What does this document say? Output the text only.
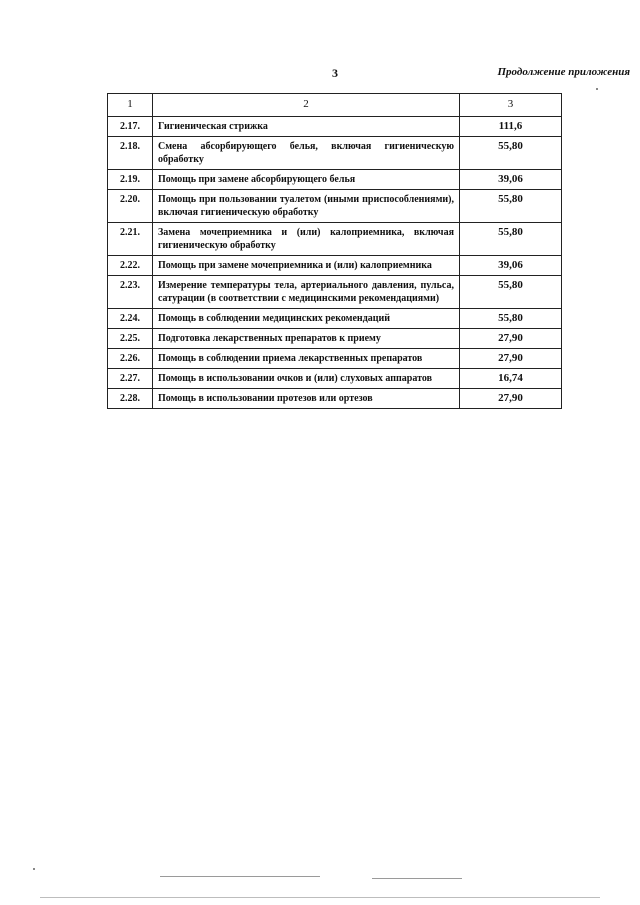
3	Продолжение приложения
1	2	3
2.17.	Гигиеническая стрижка	111,6
2.18.	Смена абсорбирующего белья, включая гигиеническую обработку	55,80
2.19.	Помощь при замене абсорбирующего белья	39,06
2.20.	Помощь при пользовании туалетом (иными приспособлениями), включая гигиеническую обработку	55,80
2.21.	Замена мочеприемника и (или) калоприемника, включая гигиеническую обработку	55,80
2.22.	Помощь при замене мочеприемника и (или) калоприемника	39,06
2.23.	Измерение температуры тела, артериального давления, пульса, сатурации (в соответствии с медицинскими рекомендациями)	55,80
2.24.	Помощь в соблюдении медицинских рекомендаций	55,80
2.25.	Подготовка лекарственных препаратов к приему	27,90
2.26.	Помощь в соблюдении приема лекарственных препаратов	27,90
2.27.	Помощь в использовании очков и (или) слуховых аппаратов	16,74
2.28.	Помощь в использовании протезов или ортезов	27,90
